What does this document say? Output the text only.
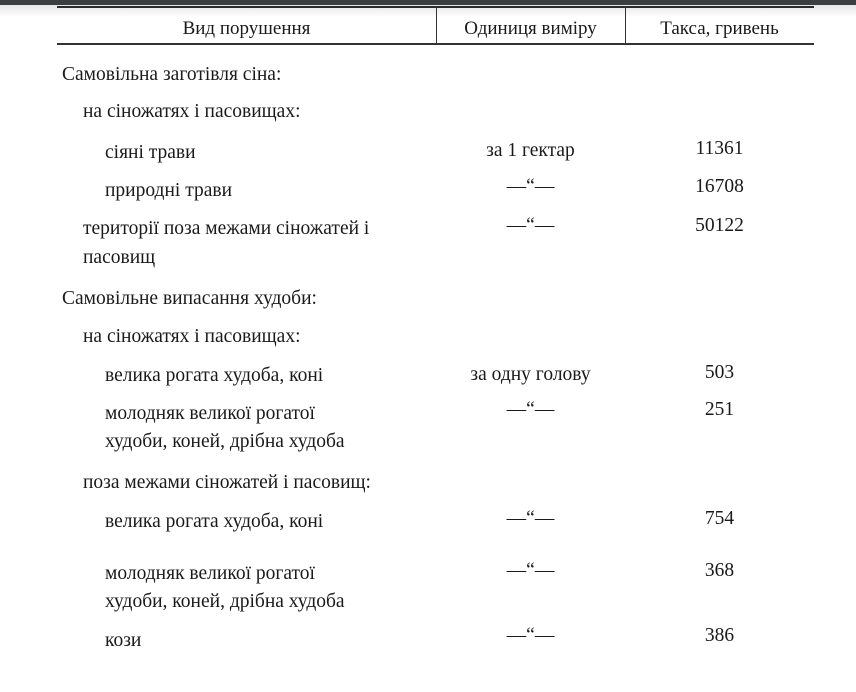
Вид порушення	Одиниця виміру	Такса, гривень
Самовільна заготівля сіна:
на сіножатях і пасовищах:
сіяні трави	за 1 гектар	11361
природні трави	—“—	16708
території поза межами сіножатей і
пасовищ
—“—	50122
Самовільне випасання худоби:
на сіножатях і пасовищах:
велика рогата худоба, коні	за одну голову	503
молодняк великої рогатої
худоби, коней, дрібна худоба
—“—	251
поза межами сіножатей і пасовищ:
велика рогата худоба, коні	—“—	754
молодняк великої рогатої
худоби, коней, дрібна худоба
—“—	368
кози	—“—	386
